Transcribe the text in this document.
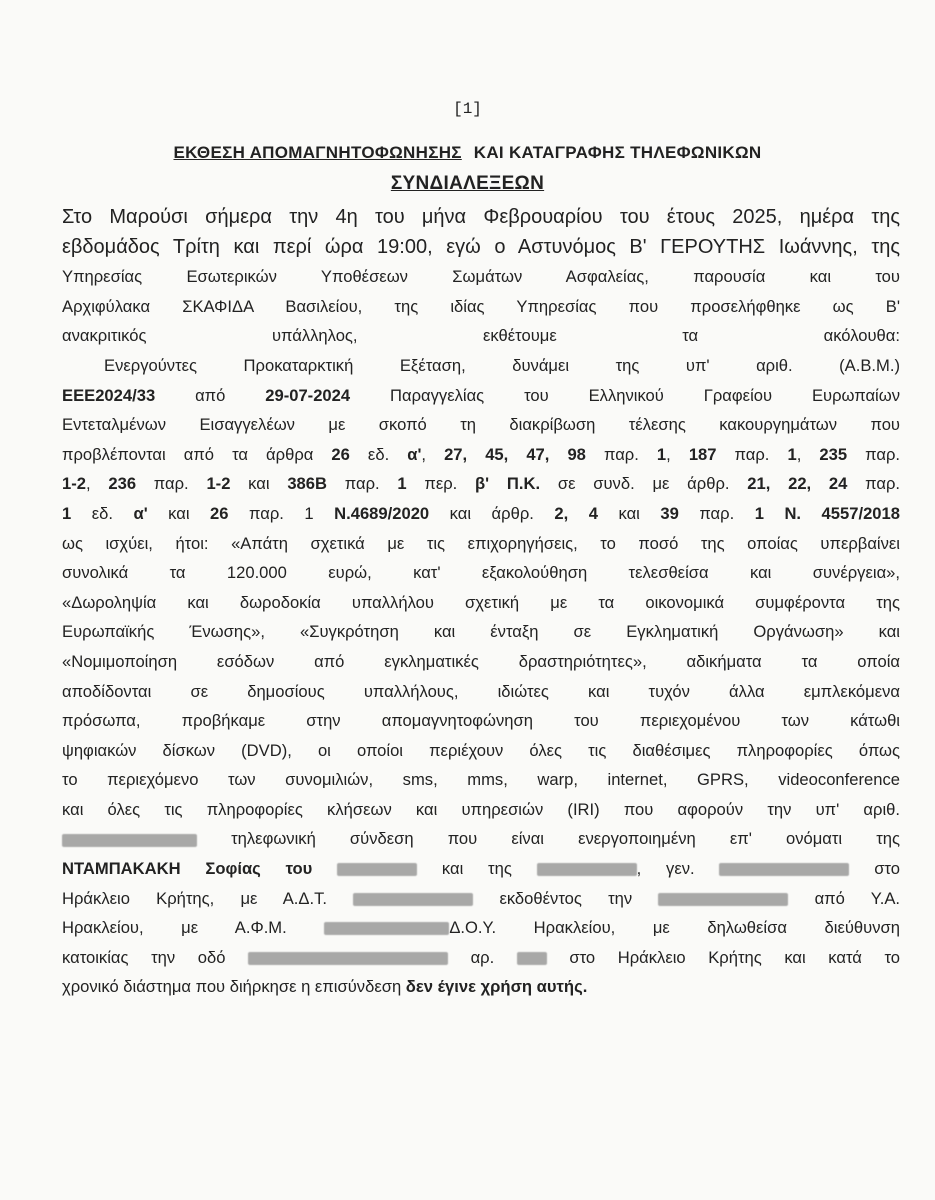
[1]
ΕΚΘΕΣΗ ΑΠΟΜΑΓΝΗΤΟΦΩΝΗΣΗΣ ΚΑΙ ΚΑΤΑΓΡΑΦΗΣ ΤΗΛΕΦΩΝΙΚΩΝ
ΣΥΝΔΙΑΛΕΞΕΩΝ
Στο Μαρούσι σήμερα την 4η του μήνα Φεβρουαρίου του έτους 2025, ημέρα της
εβδομάδος Τρίτη και περί ώρα 19:00, εγώ ο Αστυνόμος Β' ΓΕΡΟΥΤΗΣ Ιωάννης, της
Υπηρεσίας Εσωτερικών Υποθέσεων Σωμάτων Ασφαλείας, παρουσία και του
Αρχιφύλακα ΣΚΑΦΙΔΑ Βασιλείου, της ιδίας Υπηρεσίας που προσελήφθηκε ως Β'
ανακριτικός υπάλληλος, εκθέτουμε τα ακόλουθα:
Ενεργούντες Προκαταρκτική Εξέταση, δυνάμει της υπ' αριθ. (Α.Β.Μ.)
ΕΕΕ2024/33 από 29-07-2024 Παραγγελίας του Ελληνικού Γραφείου Ευρωπαίων
Εντεταλμένων Εισαγγελέων με σκοπό τη διακρίβωση τέλεσης κακουργημάτων που
προβλέπονται από τα άρθρα 26 εδ. α', 27, 45, 47, 98 παρ. 1, 187 παρ. 1, 235 παρ.
1-2, 236 παρ. 1-2 και 386Β παρ. 1 περ. β' Π.Κ. σε συνδ. με άρθρ. 21, 22, 24 παρ.
1 εδ. α' και 26 παρ. 1 Ν.4689/2020 και άρθρ. 2, 4 και 39 παρ. 1 Ν. 4557/2018
ως ισχύει, ήτοι: «Απάτη σχετικά με τις επιχορηγήσεις, το ποσό της οποίας υπερβαίνει
συνολικά τα 120.000 ευρώ, κατ' εξακολούθηση τελεσθείσα και συνέργεια»,
«Δωροληψία και δωροδοκία υπαλλήλου σχετική με τα οικονομικά συμφέροντα της
Ευρωπαϊκής Ένωσης», «Συγκρότηση και ένταξη σε Εγκληματική Οργάνωση» και
«Νομιμοποίηση εσόδων από εγκληματικές δραστηριότητες», αδικήματα τα οποία
αποδίδονται σε δημοσίους υπαλλήλους, ιδιώτες και τυχόν άλλα εμπλεκόμενα
πρόσωπα, προβήκαμε στην απομαγνητοφώνηση του περιεχομένου των κάτωθι
ψηφιακών δίσκων (DVD), οι οποίοι περιέχουν όλες τις διαθέσιμες πληροφορίες όπως
το περιεχόμενο των συνομιλιών, sms, mms, warp, internet, GPRS, videoconference
και όλες τις πληροφορίες κλήσεων και υπηρεσιών (IRI) που αφορούν την υπ' αριθ.
τηλεφωνική σύνδεση που είναι ενεργοποιημένη επ' ονόματι της
ΝΤΑΜΠΑΚΑΚΗ Σοφίας του	και της	, γεν.	στο
Ηράκλειο Κρήτης, με Α.Δ.Τ.	εκδοθέντος την	από Υ.Α.
Ηρακλείου, με Α.Φ.Μ.	Δ.Ο.Υ. Ηρακλείου, με δηλωθείσα διεύθυνση
κατοικίας την οδό	αρ.  στο Ηράκλειο Κρήτης και κατά το
χρονικό διάστημα που διήρκησε η επισύνδεση δεν έγινε χρήση αυτής.
